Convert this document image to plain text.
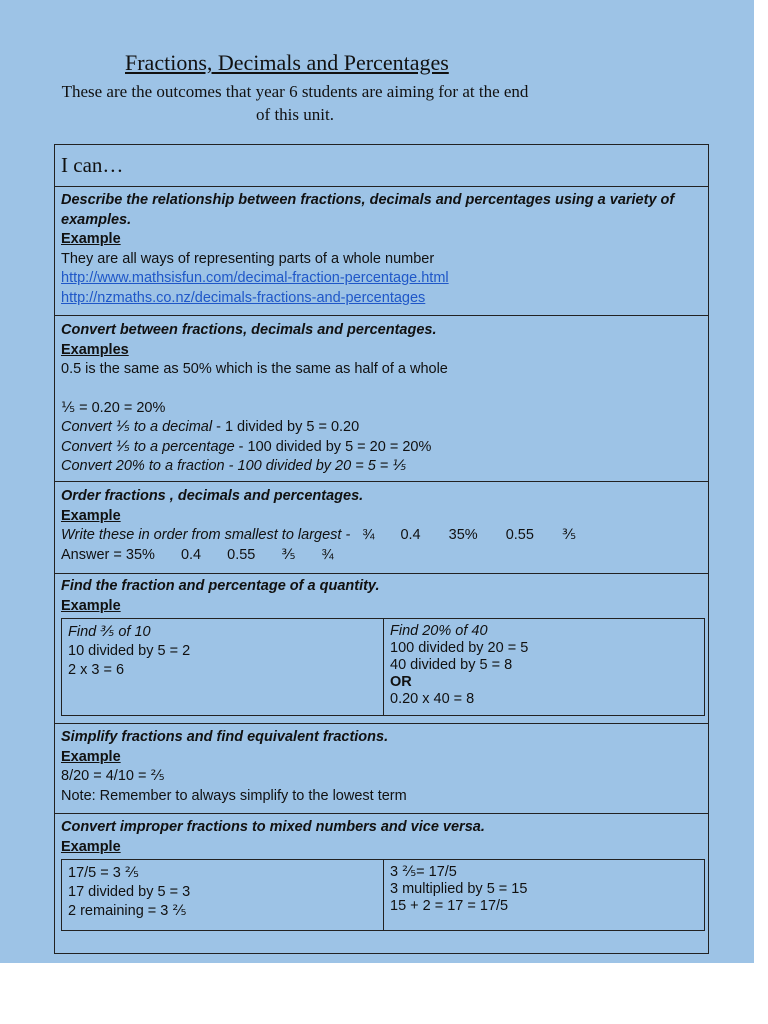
Fractions, Decimals and Percentages
These are the outcomes that year 6 students are aiming for at the end of this unit.
I can…
Describe the relationship between fractions, decimals and percentages using a variety of examples.
Example
They are all ways of representing parts of a whole number
http://www.mathsisfun.com/decimal-fraction-percentage.html
http://nzmaths.co.nz/decimals-fractions-and-percentages
Convert between fractions, decimals and percentages.
Examples
0.5 is the same as 50% which is the same as half of a whole
⅕ = 0.20 = 20%
Convert ⅕ to a decimal - 1 divided by 5 = 0.20
Convert ⅕ to a percentage - 100 divided by 5 = 20 = 20%
Convert 20% to a fraction - 100 divided by 20 = 5 = ⅕
Order fractions , decimals and percentages.
Example
Write these in order from smallest to largest - ¾ 0.4 35% 0.55 ⅗
Answer = 35% 0.4 0.55 ⅗ ¾
Find the fraction and percentage of a quantity.
Example
Find ⅗ of 10
10 divided by 5 = 2
2 x 3 = 6
Find 20% of 40
100 divided by 20 = 5
40 divided by 5 = 8
OR
0.20 x 40 = 8
Simplify fractions and find equivalent fractions.
Example
8/20 = 4/10 = ⅖
Note: Remember to always simplify to the lowest term
Convert improper fractions to mixed numbers and vice versa.
Example
17/5 = 3 ⅖
17 divided by 5 = 3
2 remaining = 3 ⅖
3 ⅖= 17/5
3 multiplied by 5 = 15
15 + 2 = 17 = 17/5
